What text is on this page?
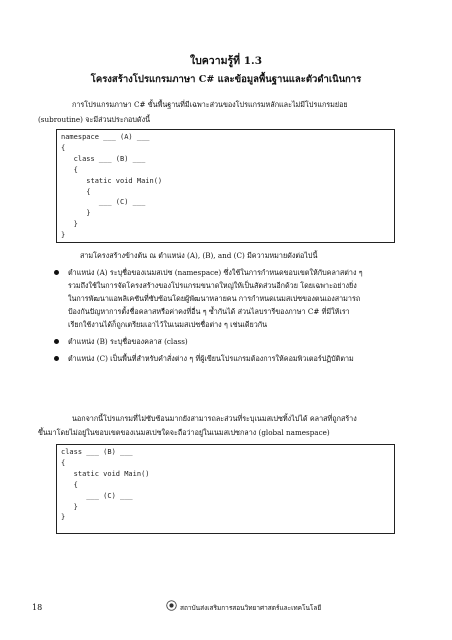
ใบความรู้ที่ 1.3
โครงสร้างโปรแกรมภาษา C# และข้อมูลพื้นฐานและตัวดำเนินการ
การโปรแกรมภาษา C# ขั้นพื้นฐานที่มีเฉพาะส่วนของโปรแกรมหลักและไม่มีโปรแกรมย่อย
(subroutine) จะมีส่วนประกอบดังนี้
namespace ___ (A) ___
{
class ___ (B) ___
{
static void Main()
{
___ (C) ___
}
}
}
สามโครงสร้างข้างต้น ณ ตำแหน่ง (A), (B), and (C) มีความหมายดังต่อไปนี้
ตำแหน่ง (A) ระบุชื่อของเนมสเปซ (namespace) ซึ่งใช้ในการกำหนดขอบเขตให้กับคลาสต่าง ๆ
รวมถึงใช้ในการจัดโครงสร้างของโปรแกรมขนาดใหญ่ให้เป็นสัดส่วนอีกด้วย โดยเฉพาะอย่างยิ่ง
ในการพัฒนาแอพลิเคชันที่ซับซ้อนโดยผู้พัฒนาหลายคน การกำหนดเนมสเปซของตนเองสามารถ
ป้องกันปัญหาการตั้งชื่อคลาสหรือค่าคงที่อื่น ๆ ซ้ำกันได้ ส่วนไลบรารีของภาษา C# ที่มีให้เรา
เรียกใช้งานได้ก็ถูกเตรียมเอาไว้ในเนมสเปซชื่อต่าง ๆ เช่นเดียวกัน
ตำแหน่ง (B) ระบุชื่อของคลาส (class)
ตำแหน่ง (C) เป็นพื้นที่สำหรับคำสั่งต่าง ๆ ที่ผู้เขียนโปรแกรมต้องการให้คอมพิวเตอร์ปฏิบัติตาม
นอกจากนี้โปรแกรมที่ไม่ซับซ้อนมากยังสามารถละส่วนที่ระบุเนมสเปซทิ้งไปได้ คลาสที่ถูกสร้าง
ขึ้นมาโดยไม่อยู่ในขอบเขตของเนมสเปซใดจะถือว่าอยู่ในเนมสเปซกลาง (global namespace)
class ___ (B) ___
{
static void Main()
{
___ (C) ___
}
}
18	สถาบันส่งเสริมการสอนวิทยาศาสตร์และเทคโนโลยี
